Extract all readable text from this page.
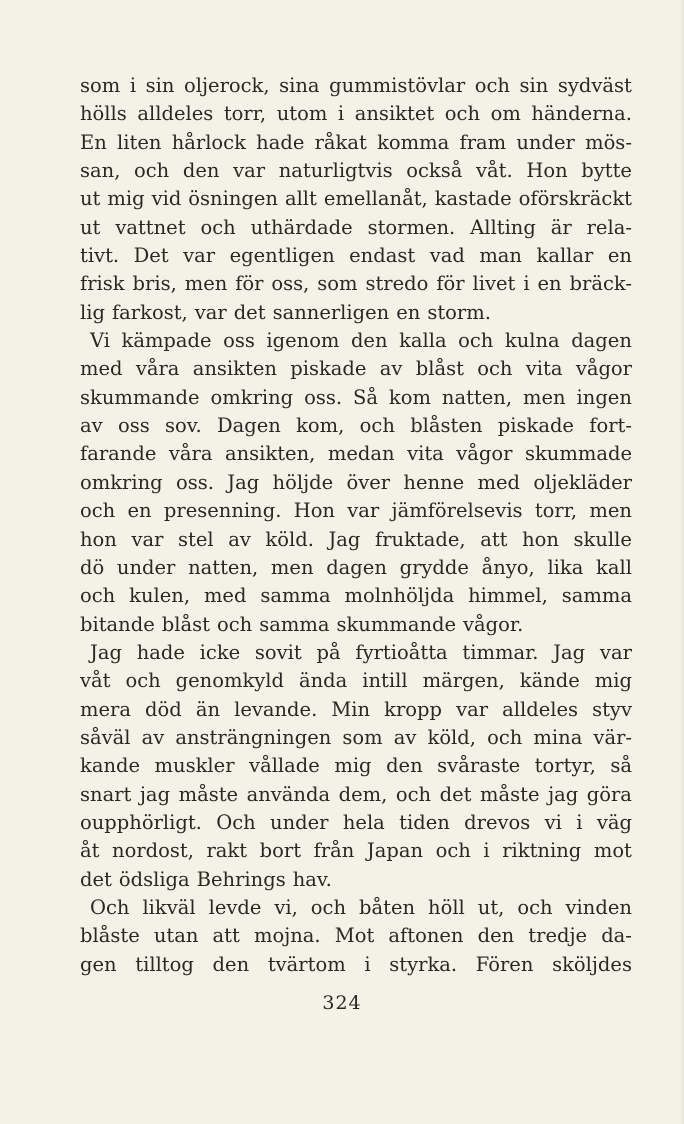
som i sin oljerock, sina gummistövlar och sin sydväst
hölls alldeles torr, utom i ansiktet och om händerna.
En liten hårlock hade råkat komma fram under mös-
san, och den var naturligtvis också våt. Hon bytte
ut mig vid ösningen allt emellanåt, kastade oförskräckt
ut vattnet och uthärdade stormen. Allting är rela-
tivt. Det var egentligen endast vad man kallar en
frisk bris, men för oss, som stredo för livet i en bräck-
lig farkost, var det sannerligen en storm.
Vi kämpade oss igenom den kalla och kulna dagen
med våra ansikten piskade av blåst och vita vågor
skummande omkring oss. Så kom natten, men ingen
av oss sov. Dagen kom, och blåsten piskade fort-
farande våra ansikten, medan vita vågor skummade
omkring oss. Jag höljde över henne med oljekläder
och en presenning. Hon var jämförelsevis torr, men
hon var stel av köld. Jag fruktade, att hon skulle
dö under natten, men dagen grydde ånyo, lika kall
och kulen, med samma molnhöljda himmel, samma
bitande blåst och samma skummande vågor.
Jag hade icke sovit på fyrtioåtta timmar. Jag var
våt och genomkyld ända intill märgen, kände mig
mera död än levande. Min kropp var alldeles styv
såväl av ansträngningen som av köld, och mina vär-
kande muskler vållade mig den svåraste tortyr, så
snart jag måste använda dem, och det måste jag göra
oupphörligt. Och under hela tiden drevos vi i väg
åt nordost, rakt bort från Japan och i riktning mot
det ödsliga Behrings hav.
Och likväl levde vi, och båten höll ut, och vinden
blåste utan att mojna. Mot aftonen den tredje da-
gen tilltog den tvärtom i styrka. Fören sköljdes
324
